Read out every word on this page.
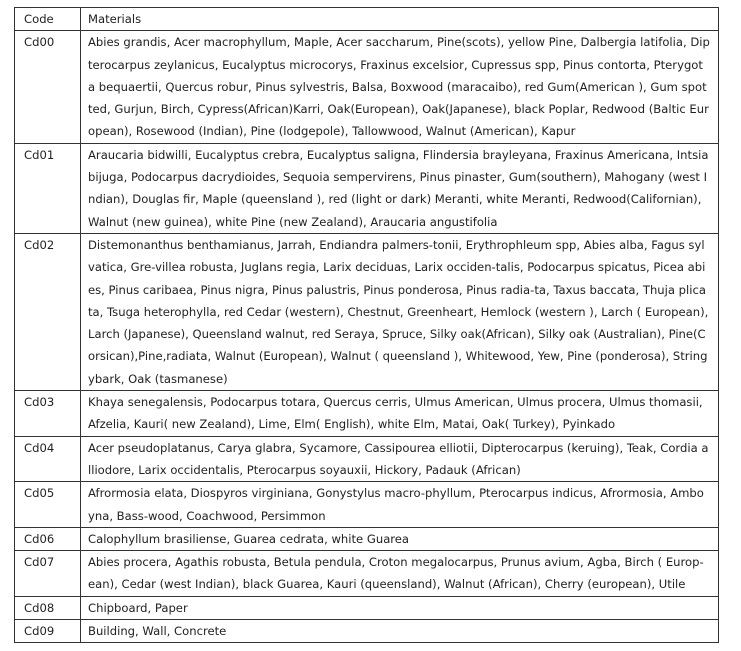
Code	Materials
Cd00	Abies grandis, Acer macrophyllum, Maple, Acer saccharum, Pine(scots), yellow Pine, Dalbergia latifolia, Dipterocarpus zeylanicus, Eucalyptus microcorys, Fraxinus excelsior, Cupressus spp, Pinus contorta, Pterygota bequaertii, Quercus robur, Pinus sylvestris, Balsa, Boxwood (maracaibo), red Gum(American ), Gum spotted, Gurjun, Birch, Cypress(African)Karri, Oak(European), Oak(Japanese), black Poplar, Redwood (Baltic European), Rosewood (Indian), Pine (lodgepole), Tallowwood, Walnut (American), Kapur
Cd01	Araucaria bidwilli, Eucalyptus crebra, Eucalyptus saligna, Flindersia brayleyana, Fraxinus Americana, Intsia bijuga, Podocarpus dacrydioides, Sequoia sempervirens, Pinus pinaster, Gum(southern), Mahogany (west Indian), Douglas fir, Maple (queensland ), red (light or dark) Meranti, white Meranti, Redwood(Californian), Walnut (new guinea), white Pine (new Zealand), Araucaria angustifolia
Cd02	Distemonanthus benthamianus, Jarrah, Endiandra palmers-tonii, Erythrophleum spp, Abies alba, Fagus sylvatica, Gre-villea robusta, Juglans regia, Larix deciduas, Larix occiden-talis, Podocarpus spicatus, Picea abies, Pinus caribaea, Pinus nigra, Pinus palustris, Pinus ponderosa, Pinus radia-ta, Taxus baccata, Thuja plicata, Tsuga heterophylla, red Cedar (western), Chestnut, Greenheart, Hemlock (western ), Larch ( European), Larch (Japanese), Queensland walnut, red Seraya, Spruce, Silky oak(African), Silky oak (Australian), Pine(Corsican),Pine,radiata, Walnut (European), Walnut ( queensland ), Whitewood, Yew, Pine (ponderosa), Stringybark, Oak (tasmanese)
Cd03	Khaya senegalensis, Podocarpus totara, Quercus cerris, Ulmus American, Ulmus procera, Ulmus thomasii, Afzelia, Kauri( new Zealand), Lime, Elm( English), white Elm, Matai, Oak( Turkey), Pyinkado
Cd04	Acer pseudoplatanus, Carya glabra, Sycamore, Cassipourea elliotii, Dipterocarpus (keruing), Teak, Cordia alliodore, Larix occidentalis, Pterocarpus soyauxii, Hickory, Padauk (African)
Cd05	Afrormosia elata, Diospyros virginiana, Gonystylus macro-phyllum, Pterocarpus indicus, Afrormosia, Amboyna, Bass-wood, Coachwood, Persimmon
Cd06	Calophyllum brasiliense, Guarea cedrata, white Guarea
Cd07	Abies procera, Agathis robusta, Betula pendula, Croton megalocarpus, Prunus avium, Agba, Birch ( Europ-ean), Cedar (west Indian), black Guarea, Kauri (queensland), Walnut (African), Cherry (european), Utile
Cd08	Chipboard, Paper
Cd09	Building, Wall, Concrete
